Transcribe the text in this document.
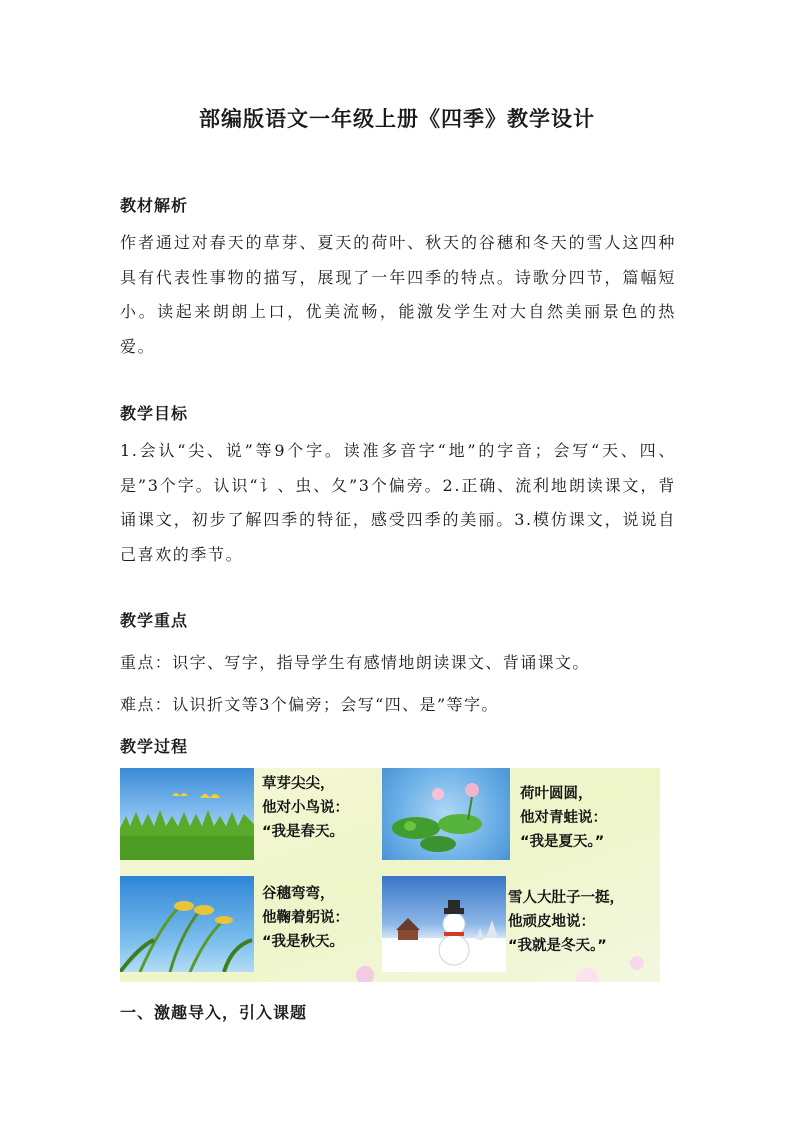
部编版语文一年级上册《四季》教学设计
教材解析
作者通过对春天的草芽、夏天的荷叶、秋天的谷穗和冬天的雪人这四种具有代表性事物的描写，展现了一年四季的特点。诗歌分四节，篇幅短小。读起来朗朗上口，优美流畅，能激发学生对大自然美丽景色的热爱。
教学目标
1.会认“尖、说”等9个字。读准多音字“地”的字音；会写“天、四、是”3个字。认识“讠、虫、夂”3个偏旁。2.正确、流利地朗读课文，背诵课文，初步了解四季的特征，感受四季的美丽。3.模仿课文，说说自己喜欢的季节。
教学重点
重点：识字、写字，指导学生有感情地朗读课文、背诵课文。
难点：认识折文等3个偏旁；会写“四、是”等字。
教学过程
草芽尖尖，
他对小鸟说：
“我是春天。
荷叶圆圆，
他对青蛙说：
“我是夏天。”
谷穗弯弯，
他鞠着躬说：
“我是秋天。
雪人大肚子一挺，
他顽皮地说：
“我就是冬天。”
一、激趣导入，引入课题
